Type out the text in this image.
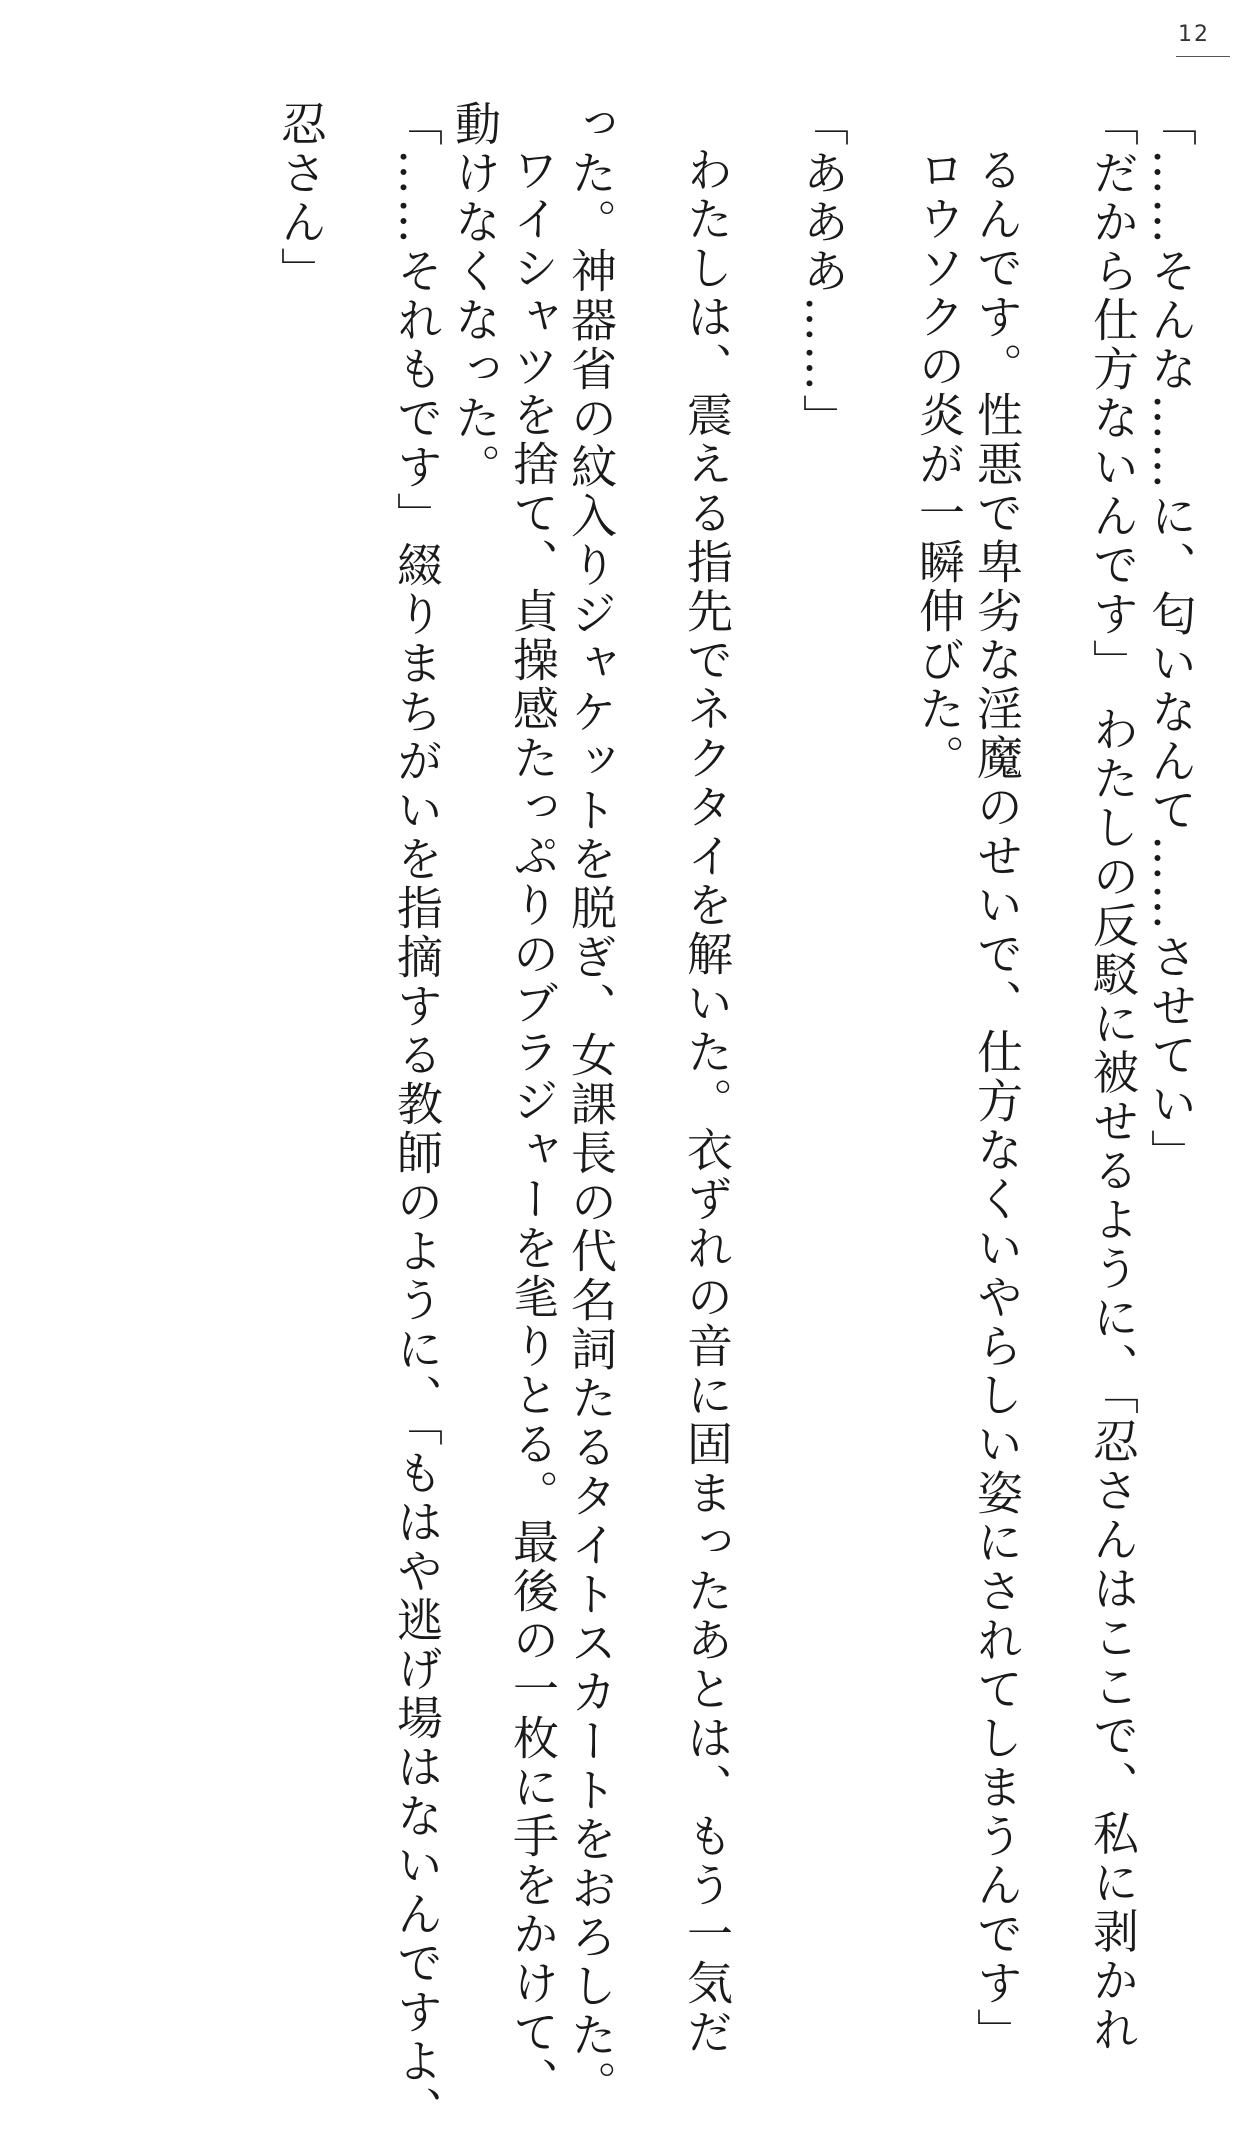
12

「……そんな……に、匂いなんて……させてい」

「だから仕方ないんです」 わたしの反駁に被せるように、「忍さんはここで、私に剥かれ

るんです。性悪で卑劣な淫魔のせいで、仕方なくいやらしい姿にされてしまうんです」

ロウソクの炎が一瞬伸びた。

「あああ……」

わたしは、震える指先でネクタイを解いた。衣ずれの音に固まったあとは、もう一気だ

った。神器省の紋入りジャケットを脱ぎ、女課長の代名詞たるタイトスカートをおろした。

ワイシャツを捨て、貞操感たっぷりのブラジャーを毟りとる。最後の一枚に手をかけて、

動けなくなった。

「……それもです」綴りまちがいを指摘する教師のように、「もはや逃げ場はないんですよ、

忍さん」
